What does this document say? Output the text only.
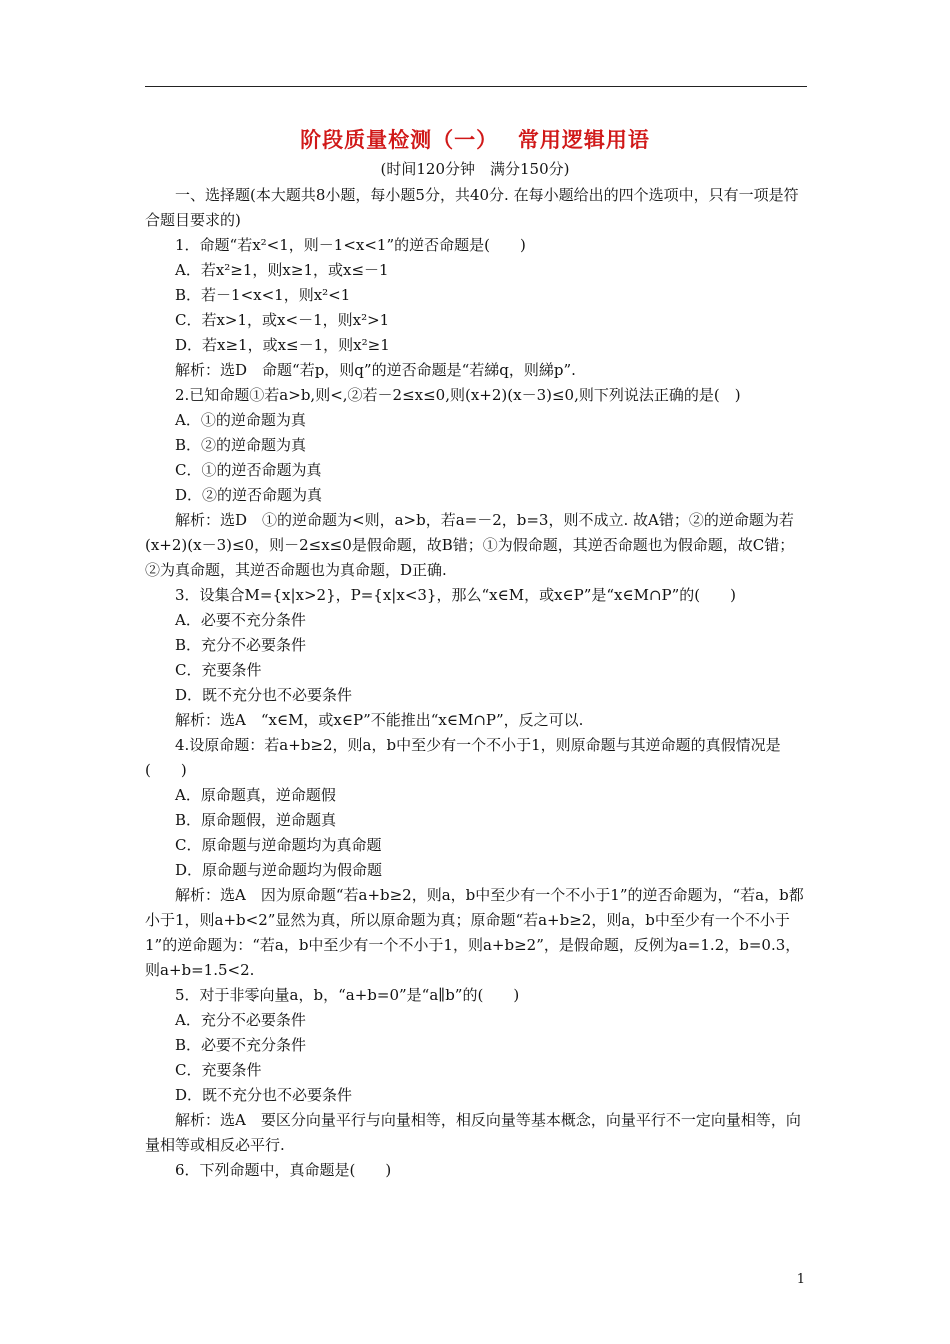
阶段质量检测（一）　 常用逻辑用语
(时间120分钟　满分150分)

一、选择题(本大题共8小题，每小题5分，共40分. 在每小题给出的四个选项中，只有一项是符合题目要求的)

1．命题“若x²<1，则－1<x<1”的逆否命题是(　　)

A．若x²≥1，则x≥1，或x≤－1

B．若－1<x<1，则x²<1

C．若x>1，或x<－1，则x²>1

D．若x≥1，或x≤－1，则x²≥1

解析：选D　命题“若p，则q”的逆否命题是“若綈q，则綈p”.

2.已知命题①若a>b,则<,②若－2≤x≤0,则(x+2)(x－3)≤0,则下列说法正确的是(　)

A．①的逆命题为真

B．②的逆命题为真

C．①的逆否命题为真

D．②的逆否命题为真

解析：选D　①的逆命题为<则，a>b，若a=－2，b=3，则不成立. 故A错；②的逆命题为若(x+2)(x－3)≤0，则－2≤x≤0是假命题，故B错；①为假命题，其逆否命题也为假命题，故C错；②为真命题，其逆否命题也为真命题，D正确.

3．设集合M={x|x>2}，P={x|x<3}，那么“x∈M，或x∈P”是“x∈M∩P”的(　　)

A．必要不充分条件

B．充分不必要条件

C．充要条件

D．既不充分也不必要条件

解析：选A　“x∈M，或x∈P”不能推出“x∈M∩P”，反之可以.

4.设原命题：若a+b≥2，则a，b中至少有一个不小于1，则原命题与其逆命题的真假情况是(　　)

A．原命题真，逆命题假

B．原命题假，逆命题真

C．原命题与逆命题均为真命题

D．原命题与逆命题均为假命题

解析：选A　因为原命题“若a+b≥2，则a，b中至少有一个不小于1”的逆否命题为，“若a，b都小于1，则a+b<2”显然为真，所以原命题为真；原命题“若a+b≥2，则a，b中至少有一个不小于1”的逆命题为：“若a，b中至少有一个不小于1，则a+b≥2”，是假命题，反例为a=1.2，b=0.3，则a+b=1.5<2.

5．对于非零向量a，b，“a+b=0”是“a∥b”的(　　)

A．充分不必要条件

B．必要不充分条件

C．充要条件

D．既不充分也不必要条件

解析：选A　要区分向量平行与向量相等，相反向量等基本概念，向量平行不一定向量相等，向量相等或相反必平行.

6．下列命题中，真命题是(　　)

1
